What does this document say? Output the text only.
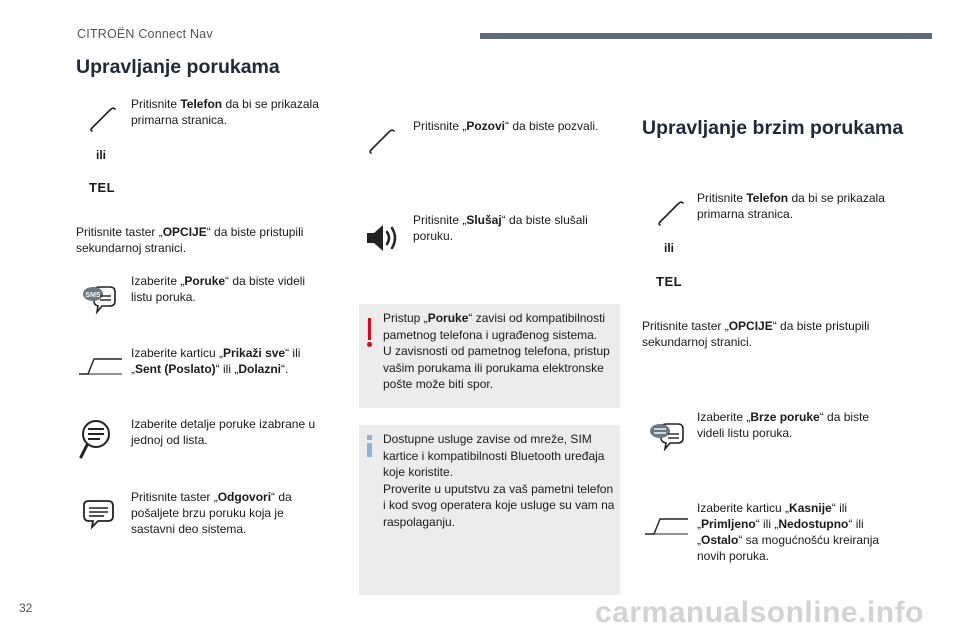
CITROËN Connect Nav
Upravljanje porukama
Pritisnite Telefon da bi se prikazala primarna stranica.
ili
TEL
Pritisnite taster „OPCIJE“ da biste pristupili sekundarnoj stranici.
SMS
Izaberite „Poruke“ da biste videli listu poruka.
Izaberite karticu „Prikaži sve“ ili „Sent (Poslato)“ ili „Dolazni“.
Izaberite detalje poruke izabrane u jednoj od lista.
Pritisnite taster „Odgovori“ da pošaljete brzu poruku koja je sastavni deo sistema.
Pritisnite „Pozovi“ da biste pozvali.
Pritisnite „Slušaj“ da biste slušali poruku.
Pristup „Poruke“ zavisi od kompatibilnosti pametnog telefona i ugrađenog sistema.
U zavisnosti od pametnog telefona, pristup vašim porukama ili porukama elektronske pošte može biti spor.
Dostupne usluge zavise od mreže, SIM kartice i kompatibilnosti Bluetooth uređaja koje koristite.
Proverite u uputstvu za vaš pametni telefon i kod svog operatera koje usluge su vam na raspolaganju.
Upravljanje brzim porukama
Pritisnite Telefon da bi se prikazala primarna stranica.
ili
TEL
Pritisnite taster „OPCIJE“ da biste pristupili sekundarnoj stranici.
Izaberite „Brze poruke“ da biste videli listu poruka.
Izaberite karticu „Kasnije“ ili „Primljeno“ ili „Nedostupno“ ili „Ostalo“ sa mogućnošću kreiranja novih poruka.
32	carmanualsonline.info
